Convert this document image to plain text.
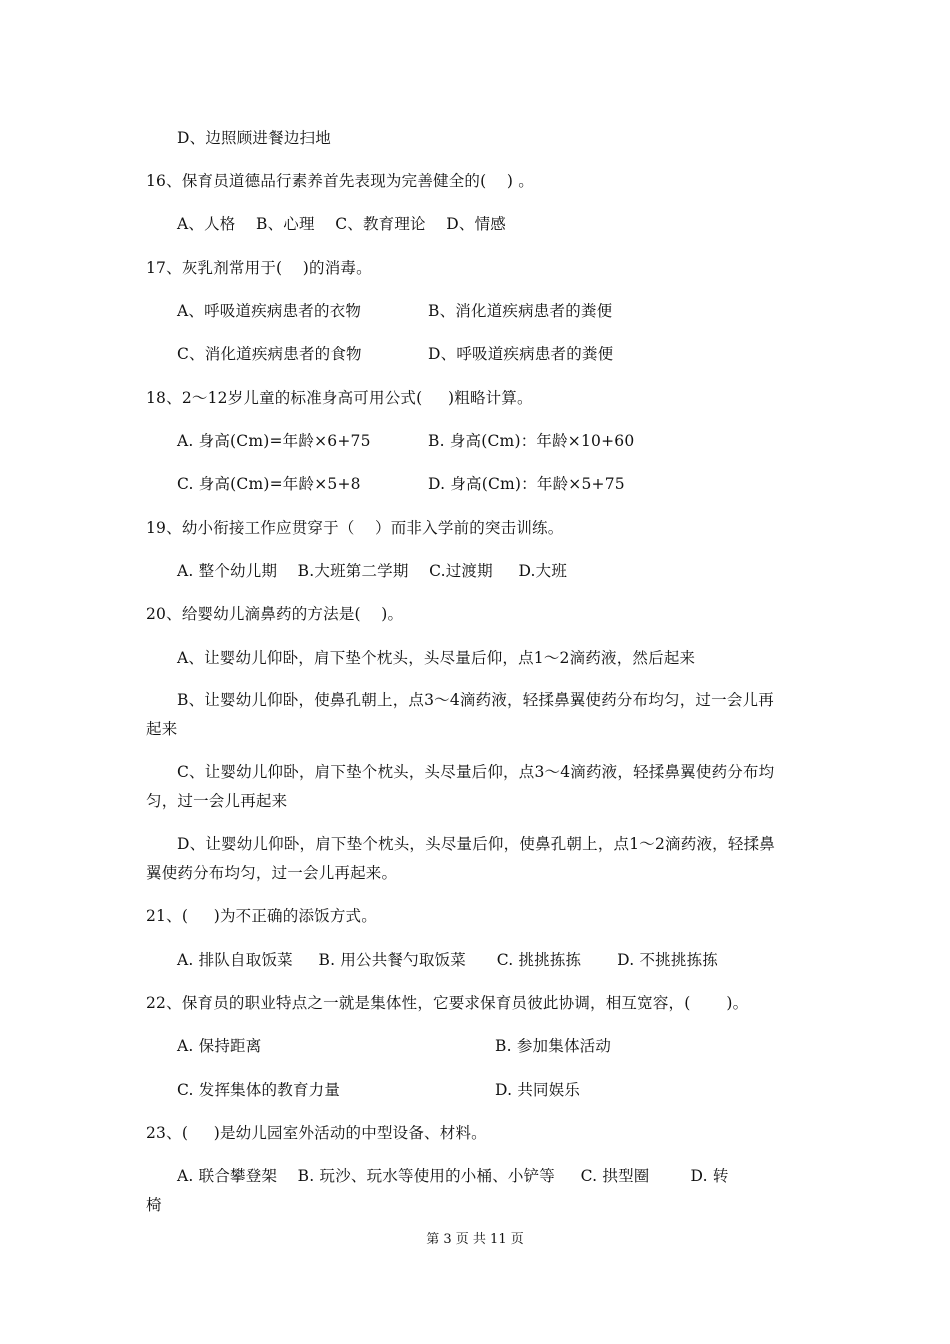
D、边照顾进餐边扫地
16、保育员道德品行素养首先表现为完善健全的(    ) 。
A、人格    B、心理    C、教育理论    D、情感
17、灰乳剂常用于(    )的消毒。
A、呼吸道疾病患者的衣物	B、消化道疾病患者的粪便
C、消化道疾病患者的食物	D、呼吸道疾病患者的粪便
18、2～12岁儿童的标准身高可用公式(     )粗略计算。
A. 身高(Cm)=年龄×6+75	B. 身高(Cm)：年龄×10+60
C. 身高(Cm)=年龄×5+8	D. 身高(Cm)：年龄×5+75
19、幼小衔接工作应贯穿于（    ）而非入学前的突击训练。
A. 整个幼儿期    B.大班第二学期    C.过渡期     D.大班
20、给婴幼儿滴鼻药的方法是(    )。
A、让婴幼儿仰卧，肩下垫个枕头，头尽量后仰，点1～2滴药液，然后起来
B、让婴幼儿仰卧，使鼻孔朝上，点3～4滴药液，轻揉鼻翼使药分布均匀，过一会儿再
起来
C、让婴幼儿仰卧，肩下垫个枕头，头尽量后仰，点3～4滴药液，轻揉鼻翼使药分布均
匀，过一会儿再起来
D、让婴幼儿仰卧，肩下垫个枕头，头尽量后仰，使鼻孔朝上，点1～2滴药液，轻揉鼻
翼使药分布均匀，过一会儿再起来。
21、(     )为不正确的添饭方式。
A. 排队自取饭菜     B. 用公共餐勺取饭菜      C. 挑挑拣拣       D. 不挑挑拣拣
22、保育员的职业特点之一就是集体性，它要求保育员彼此协调，相互宽容，(       )。
A. 保持距离	B. 参加集体活动
C. 发挥集体的教育力量	D. 共同娱乐
23、(     )是幼儿园室外活动的中型设备、材料。
A. 联合攀登架    B. 玩沙、玩水等使用的小桶、小铲等     C. 拱型圈        D. 转
椅
第 3 页 共 11 页
